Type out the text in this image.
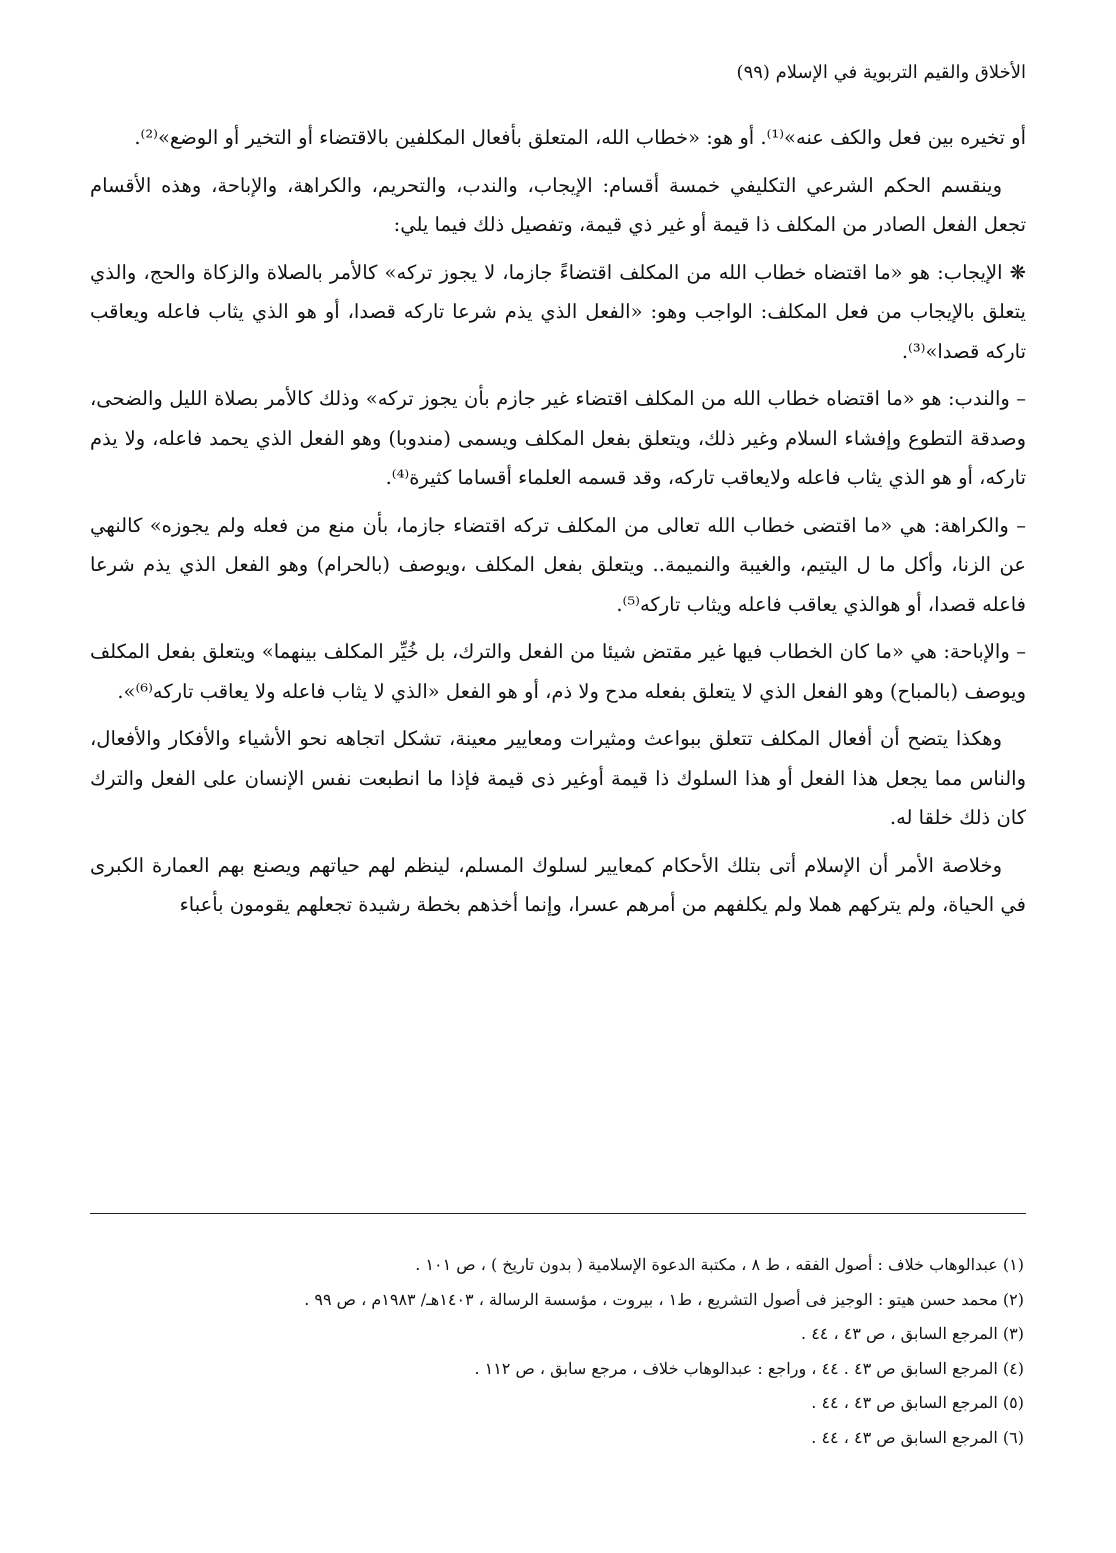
الأخلاق والقيم التربوية في الإسلام (٩٩)

أو تخيره بين فعل والكف عنه»⁽¹⁾. أو هو: «خطاب الله، المتعلق بأفعال المكلفين بالاقتضاء أو التخير أو الوضع»⁽²⁾.

وينقسم الحكم الشرعي التكليفي خمسة أقسام: الإيجاب، والندب، والتحريم، والكراهة، والإباحة، وهذه الأقسام تجعل الفعل الصادر من المكلف ذا قيمة أو غير ذي قيمة، وتفصيل ذلك فيما يلي:

❋ الإيجاب: هو «ما اقتضاه خطاب الله من المكلف اقتضاءً جازما، لا يجوز تركه» كالأمر بالصلاة والزكاة والحج، والذي يتعلق بالإيجاب من فعل المكلف: الواجب وهو: «الفعل الذي يذم شرعا تاركه قصدا، أو هو الذي يثاب فاعله ويعاقب تاركه قصدا»⁽³⁾.

– والندب: هو «ما اقتضاه خطاب الله من المكلف اقتضاء غير جازم بأن يجوز تركه» وذلك كالأمر بصلاة الليل والضحى، وصدقة التطوع وإفشاء السلام وغير ذلك، ويتعلق بفعل المكلف ويسمى (مندوبا) وهو الفعل الذي يحمد فاعله، ولا يذم تاركه، أو هو الذي يثاب فاعله ولايعاقب تاركه، وقد قسمه العلماء أقساما كثيرة⁽⁴⁾.

– والكراهة: هي «ما اقتضى خطاب الله تعالى من المكلف تركه اقتضاء جازما، بأن منع من فعله ولم يجوزه» كالنهي عن الزنا، وأكل ما ل اليتيم، والغيبة والنميمة.. ويتعلق بفعل المكلف ،ويوصف (بالحرام) وهو الفعل الذي يذم شرعا فاعله قصدا، أو هوالذي يعاقب فاعله ويثاب تاركه⁽⁵⁾.

– والإباحة: هي «ما كان الخطاب فيها غير مقتض شيئا من الفعل والترك، بل خُيِّر المكلف بينهما» ويتعلق بفعل المكلف ويوصف (بالمباح) وهو الفعل الذي لا يتعلق بفعله مدح ولا ذم، أو هو الفعل «الذي لا يثاب فاعله ولا يعاقب تاركه⁽⁶⁾».

وهكذا يتضح أن أفعال المكلف تتعلق ببواعث ومثيرات ومعايير معينة، تشكل اتجاهه نحو الأشياء والأفكار والأفعال، والناس مما يجعل هذا الفعل أو هذا السلوك ذا قيمة أوغير ذى قيمة فإذا ما انطبعت نفس الإنسان على الفعل والترك كان ذلك خلقا له.

وخلاصة الأمر أن الإسلام أتى بتلك الأحكام كمعايير لسلوك المسلم، لينظم لهم حياتهم ويصنع بهم العمارة الكبرى في الحياة، ولم يتركهم هملا ولم يكلفهم من أمرهم عسرا، وإنما أخذهم بخطة رشيدة تجعلهم يقومون بأعباء

(١) عبدالوهاب خلاف : أصول الفقه ، ط ٨ ، مكتبة الدعوة الإسلامية ( بدون تاريخ ) ، ص ١٠١ .
(٢) محمد حسن هيتو : الوجيز فى أصول التشريع ، ط١ ، بيروت ، مؤسسة الرسالة ، ١٤٠٣هـ/ ١٩٨٣م ، ص ٩٩ .
(٣) المرجع السابق ، ص ٤٣ ، ٤٤ .
(٤) المرجع السابق ص ٤٣ . ٤٤ ، وراجع : عبدالوهاب خلاف ، مرجع سابق ، ص ١١٢ .
(٥) المرجع السابق ص ٤٣ ، ٤٤ .
(٦) المرجع السابق ص ٤٣ ، ٤٤ .
